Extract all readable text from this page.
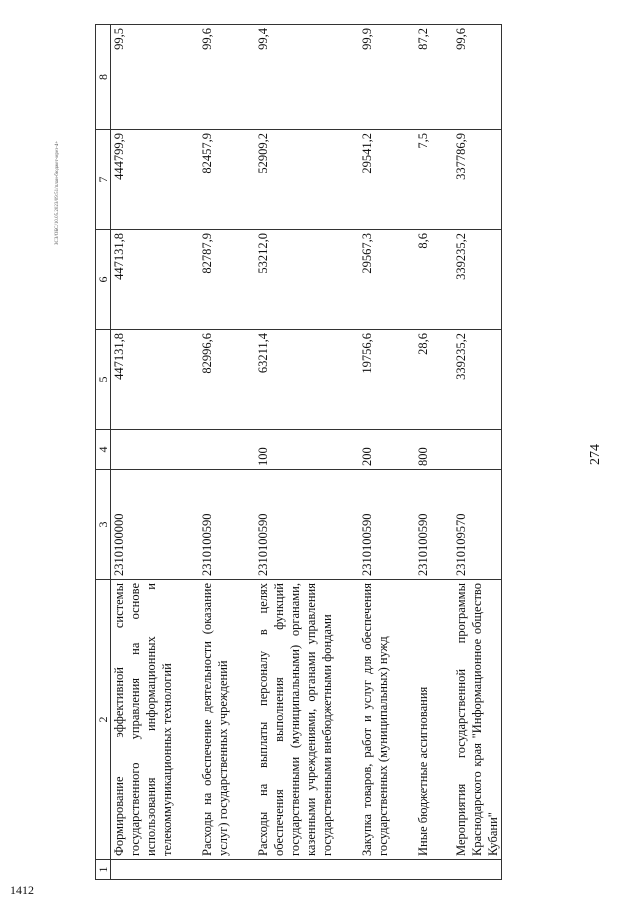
1412
274
1	2	3	4	5	6	7	8
	Формирование эффективной системы государственного управления на основе использования информационных и телекоммуникационных технологий	2310100000		447131,8	447131,8	444799,9	99,5
	Расходы на обеспечение деятельности (оказание услуг) государственных учреждений	2310100590		82996,6	82787,9	82457,9	99,6
	Расходы на выплаты персоналу в целях обеспечения выполнения функций государственными (муниципальными) органами, казенными учреждениями, органами управления государственными внебюджетными фондами	2310100590	100	63211,4	53212,0	52909,2	99,4
	Закупка товаров, работ и услуг для обеспечения государственных (муниципальных) нужд	2310100590	200	19756,6	29567,3	29541,2	99,9
	Иные бюджетные ассигнования	2310100590	800	28,6	8,6	7,5	87,2
	Мероприятия государственной программы Краснодарского края "Информационное общество Кубани"	2310109570		339235,2	339235,2	337786,9	99,6
ЗСЗ/ОБС/10.05.2023/09:51/план-бюджет-мрез-4+
